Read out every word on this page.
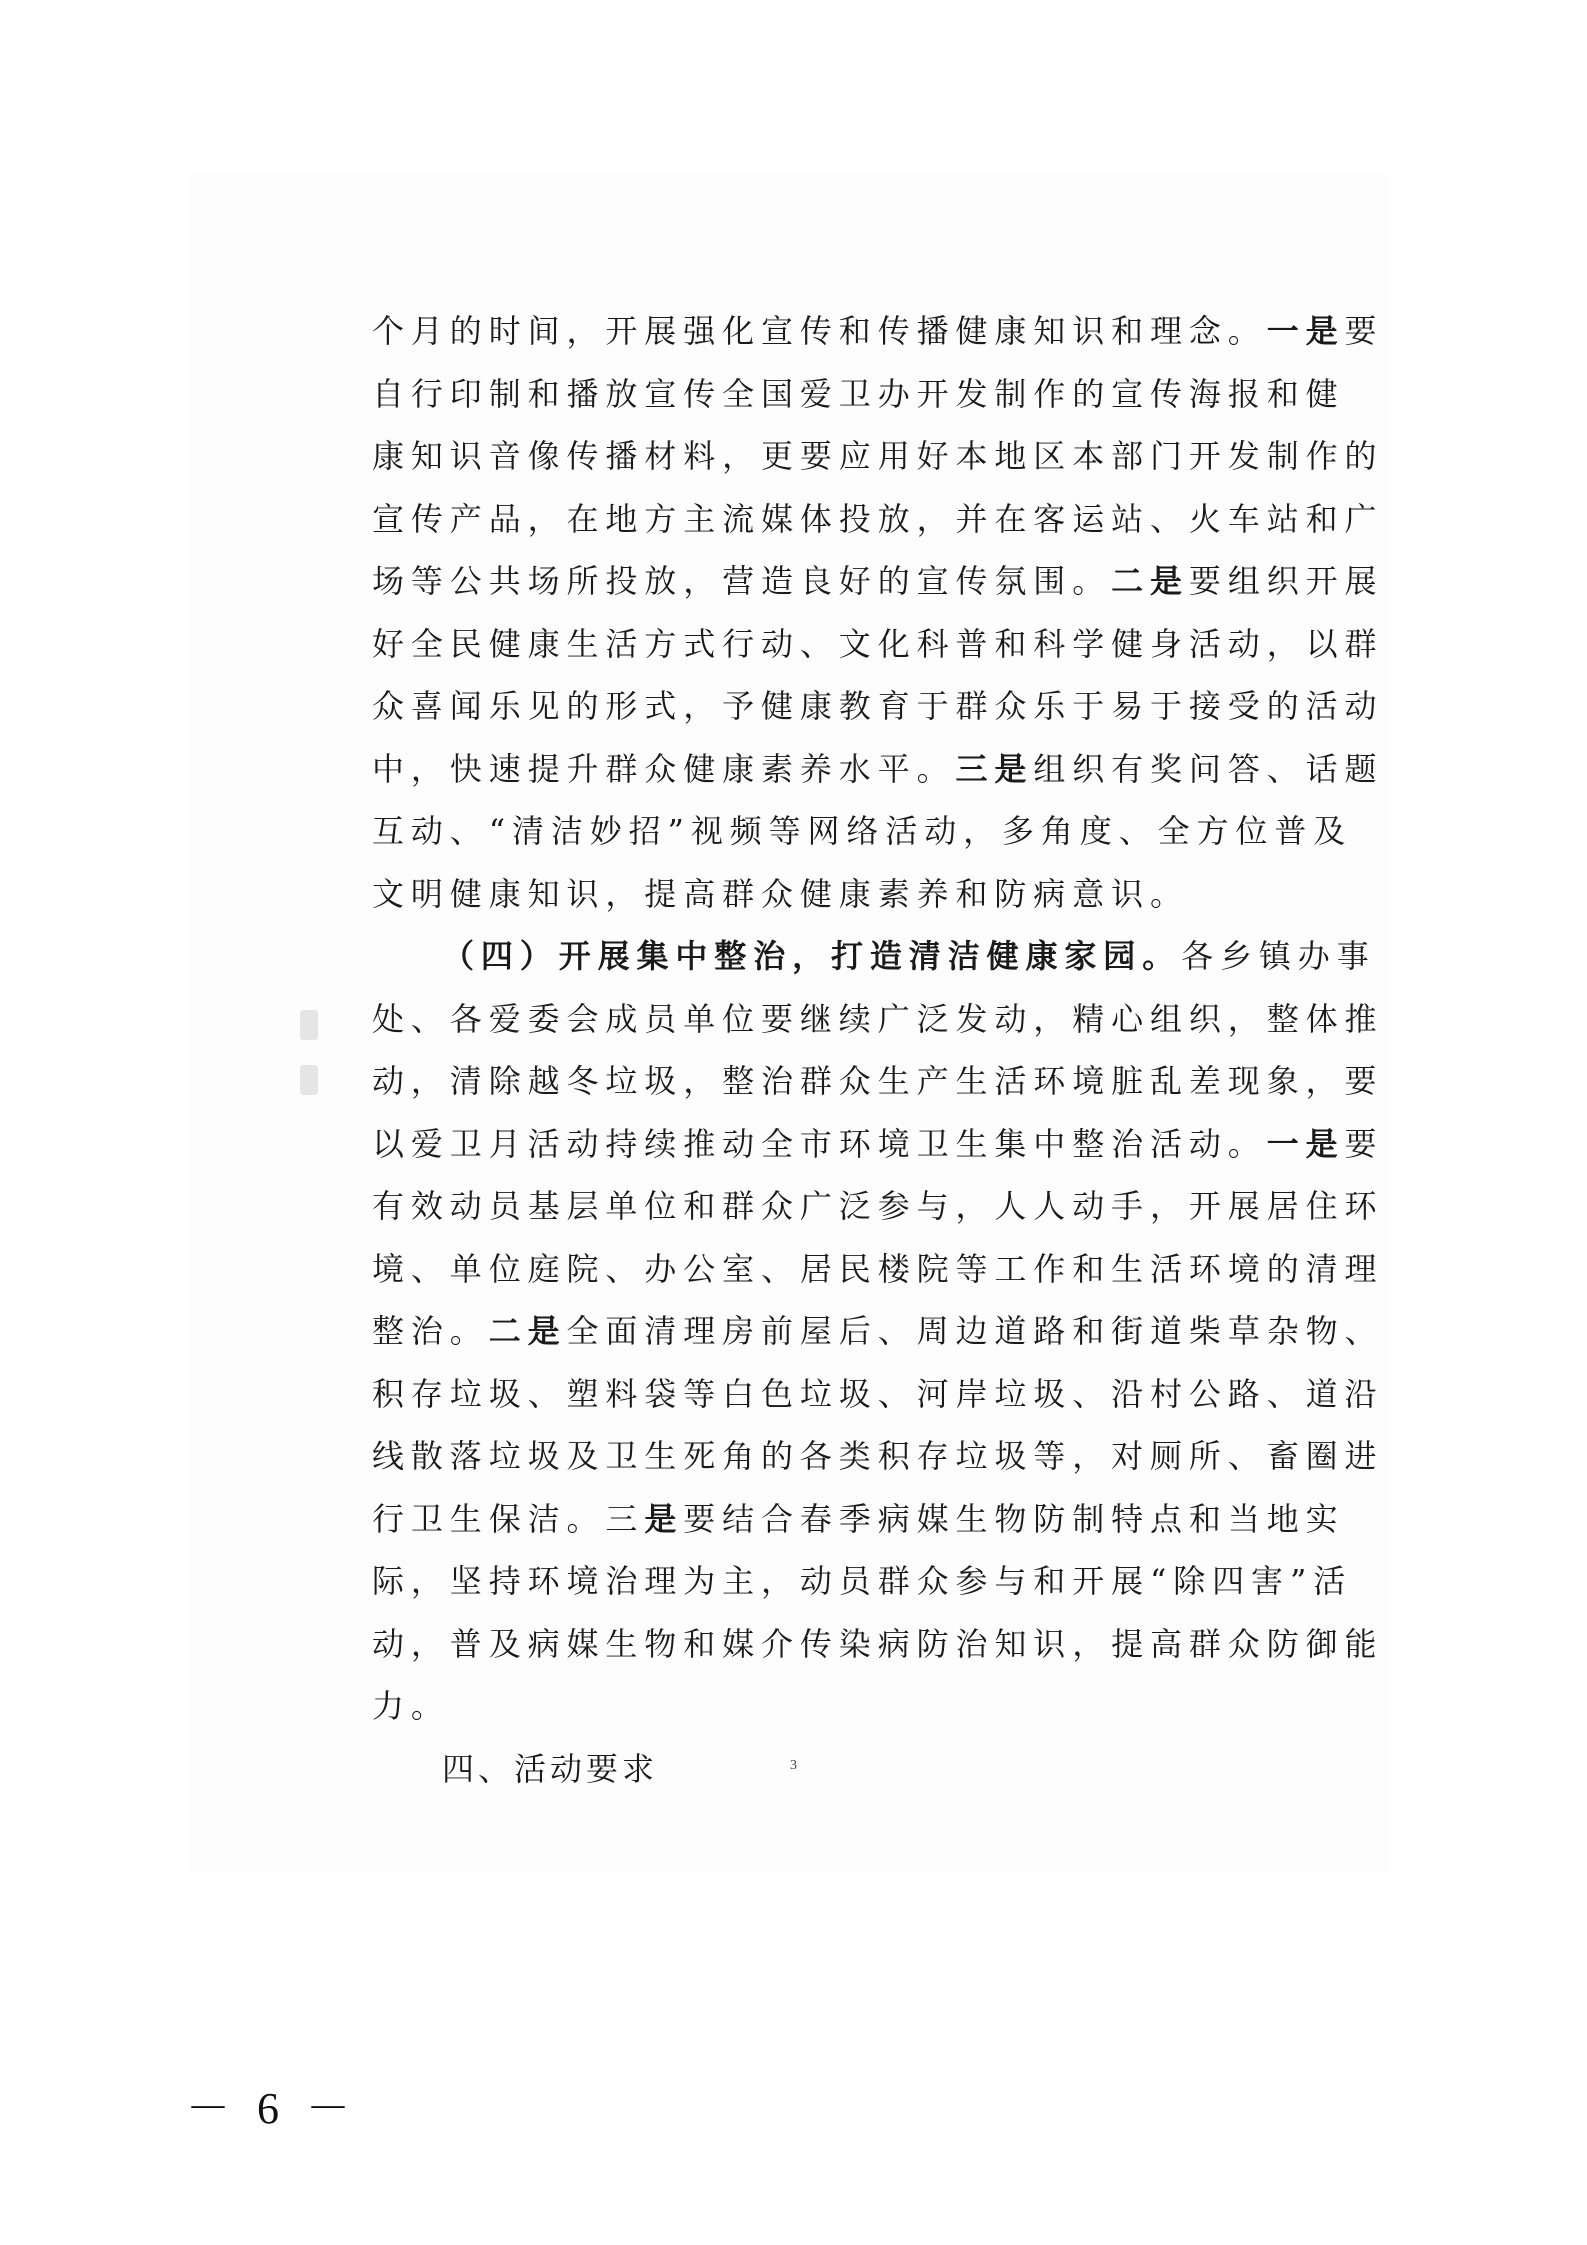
个月的时间，开展强化宣传和传播健康知识和理念。一是要
自行印制和播放宣传全国爱卫办开发制作的宣传海报和健
康知识音像传播材料，更要应用好本地区本部门开发制作的
宣传产品，在地方主流媒体投放，并在客运站、火车站和广
场等公共场所投放，营造良好的宣传氛围。二是要组织开展
好全民健康生活方式行动、文化科普和科学健身活动，以群
众喜闻乐见的形式，予健康教育于群众乐于易于接受的活动
中，快速提升群众健康素养水平。三是组织有奖问答、话题
互动、“清洁妙招”视频等网络活动，多角度、全方位普及
文明健康知识，提高群众健康素养和防病意识。
（四）开展集中整治，打造清洁健康家园。各乡镇办事
处、各爱委会成员单位要继续广泛发动，精心组织，整体推
动，清除越冬垃圾，整治群众生产生活环境脏乱差现象，要
以爱卫月活动持续推动全市环境卫生集中整治活动。一是要
有效动员基层单位和群众广泛参与，人人动手，开展居住环
境、单位庭院、办公室、居民楼院等工作和生活环境的清理
整治。二是全面清理房前屋后、周边道路和街道柴草杂物、
积存垃圾、塑料袋等白色垃圾、河岸垃圾、沿村公路、道沿
线散落垃圾及卫生死角的各类积存垃圾等，对厕所、畜圈进
行卫生保洁。三是要结合春季病媒生物防制特点和当地实
际，坚持环境治理为主，动员群众参与和开展“除四害”活
动，普及病媒生物和媒介传染病防治知识，提高群众防御能
力。
四、活动要求	3
－ 6 －
